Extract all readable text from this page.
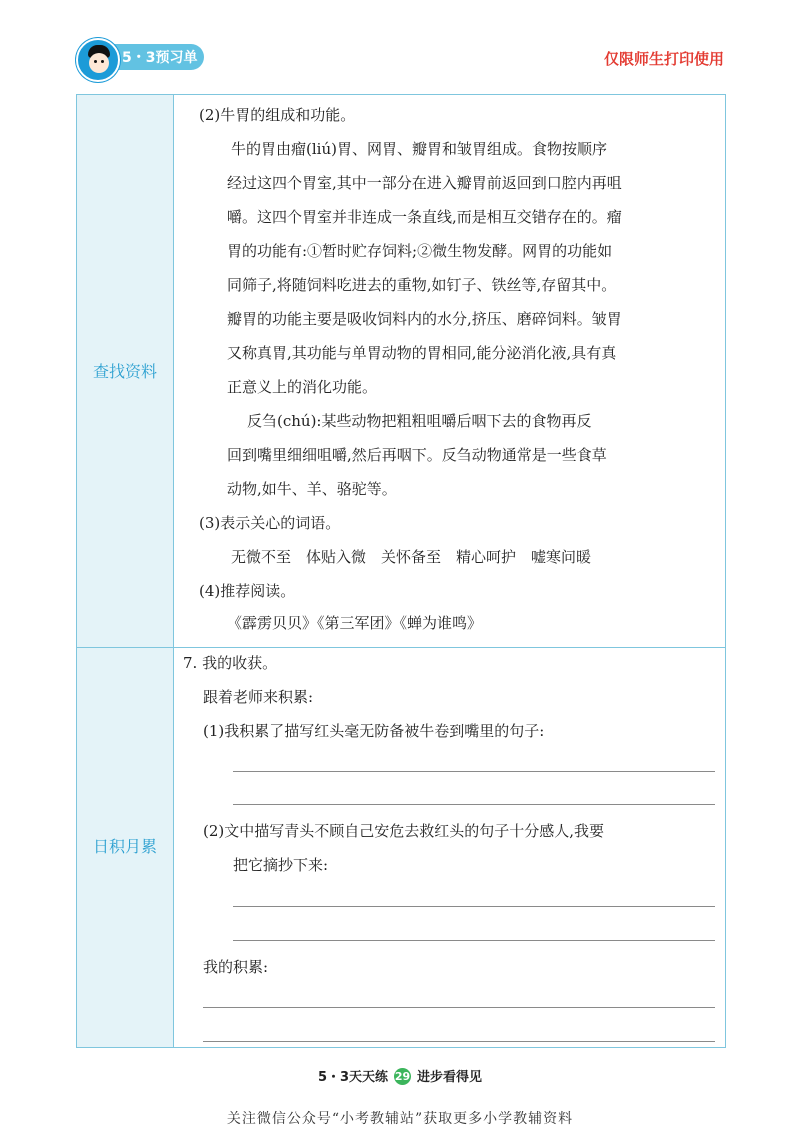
5・3预习单	仅限师生打印使用
查找资料
日积月累
(2)牛胃的组成和功能。
牛的胃由瘤(liú)胃、网胃、瓣胃和皱胃组成。食物按顺序
经过这四个胃室,其中一部分在进入瓣胃前返回到口腔内再咀
嚼。这四个胃室并非连成一条直线,而是相互交错存在的。瘤
胃的功能有:①暂时贮存饲料;②微生物发酵。网胃的功能如
同筛子,将随饲料吃进去的重物,如钉子、铁丝等,存留其中。
瓣胃的功能主要是吸收饲料内的水分,挤压、磨碎饲料。皱胃
又称真胃,其功能与单胃动物的胃相同,能分泌消化液,具有真
正意义上的消化功能。
反刍(chú):某些动物把粗粗咀嚼后咽下去的食物再反
回到嘴里细细咀嚼,然后再咽下。反刍动物通常是一些食草
动物,如牛、羊、骆驼等。
(3)表示关心的词语。
无微不至　体贴入微　关怀备至　精心呵护　嘘寒问暖
(4)推荐阅读。
《霹雳贝贝》《第三军团》《蝉为谁鸣》
7. 我的收获。
跟着老师来积累:
(1)我积累了描写红头毫无防备被牛卷到嘴里的句子:
(2)文中描写青头不顾自己安危去救红头的句子十分感人,我要
把它摘抄下来:
我的积累:
5・3天天练 29 进步看得见
关注微信公众号“小考教辅站”获取更多小学教辅资料
